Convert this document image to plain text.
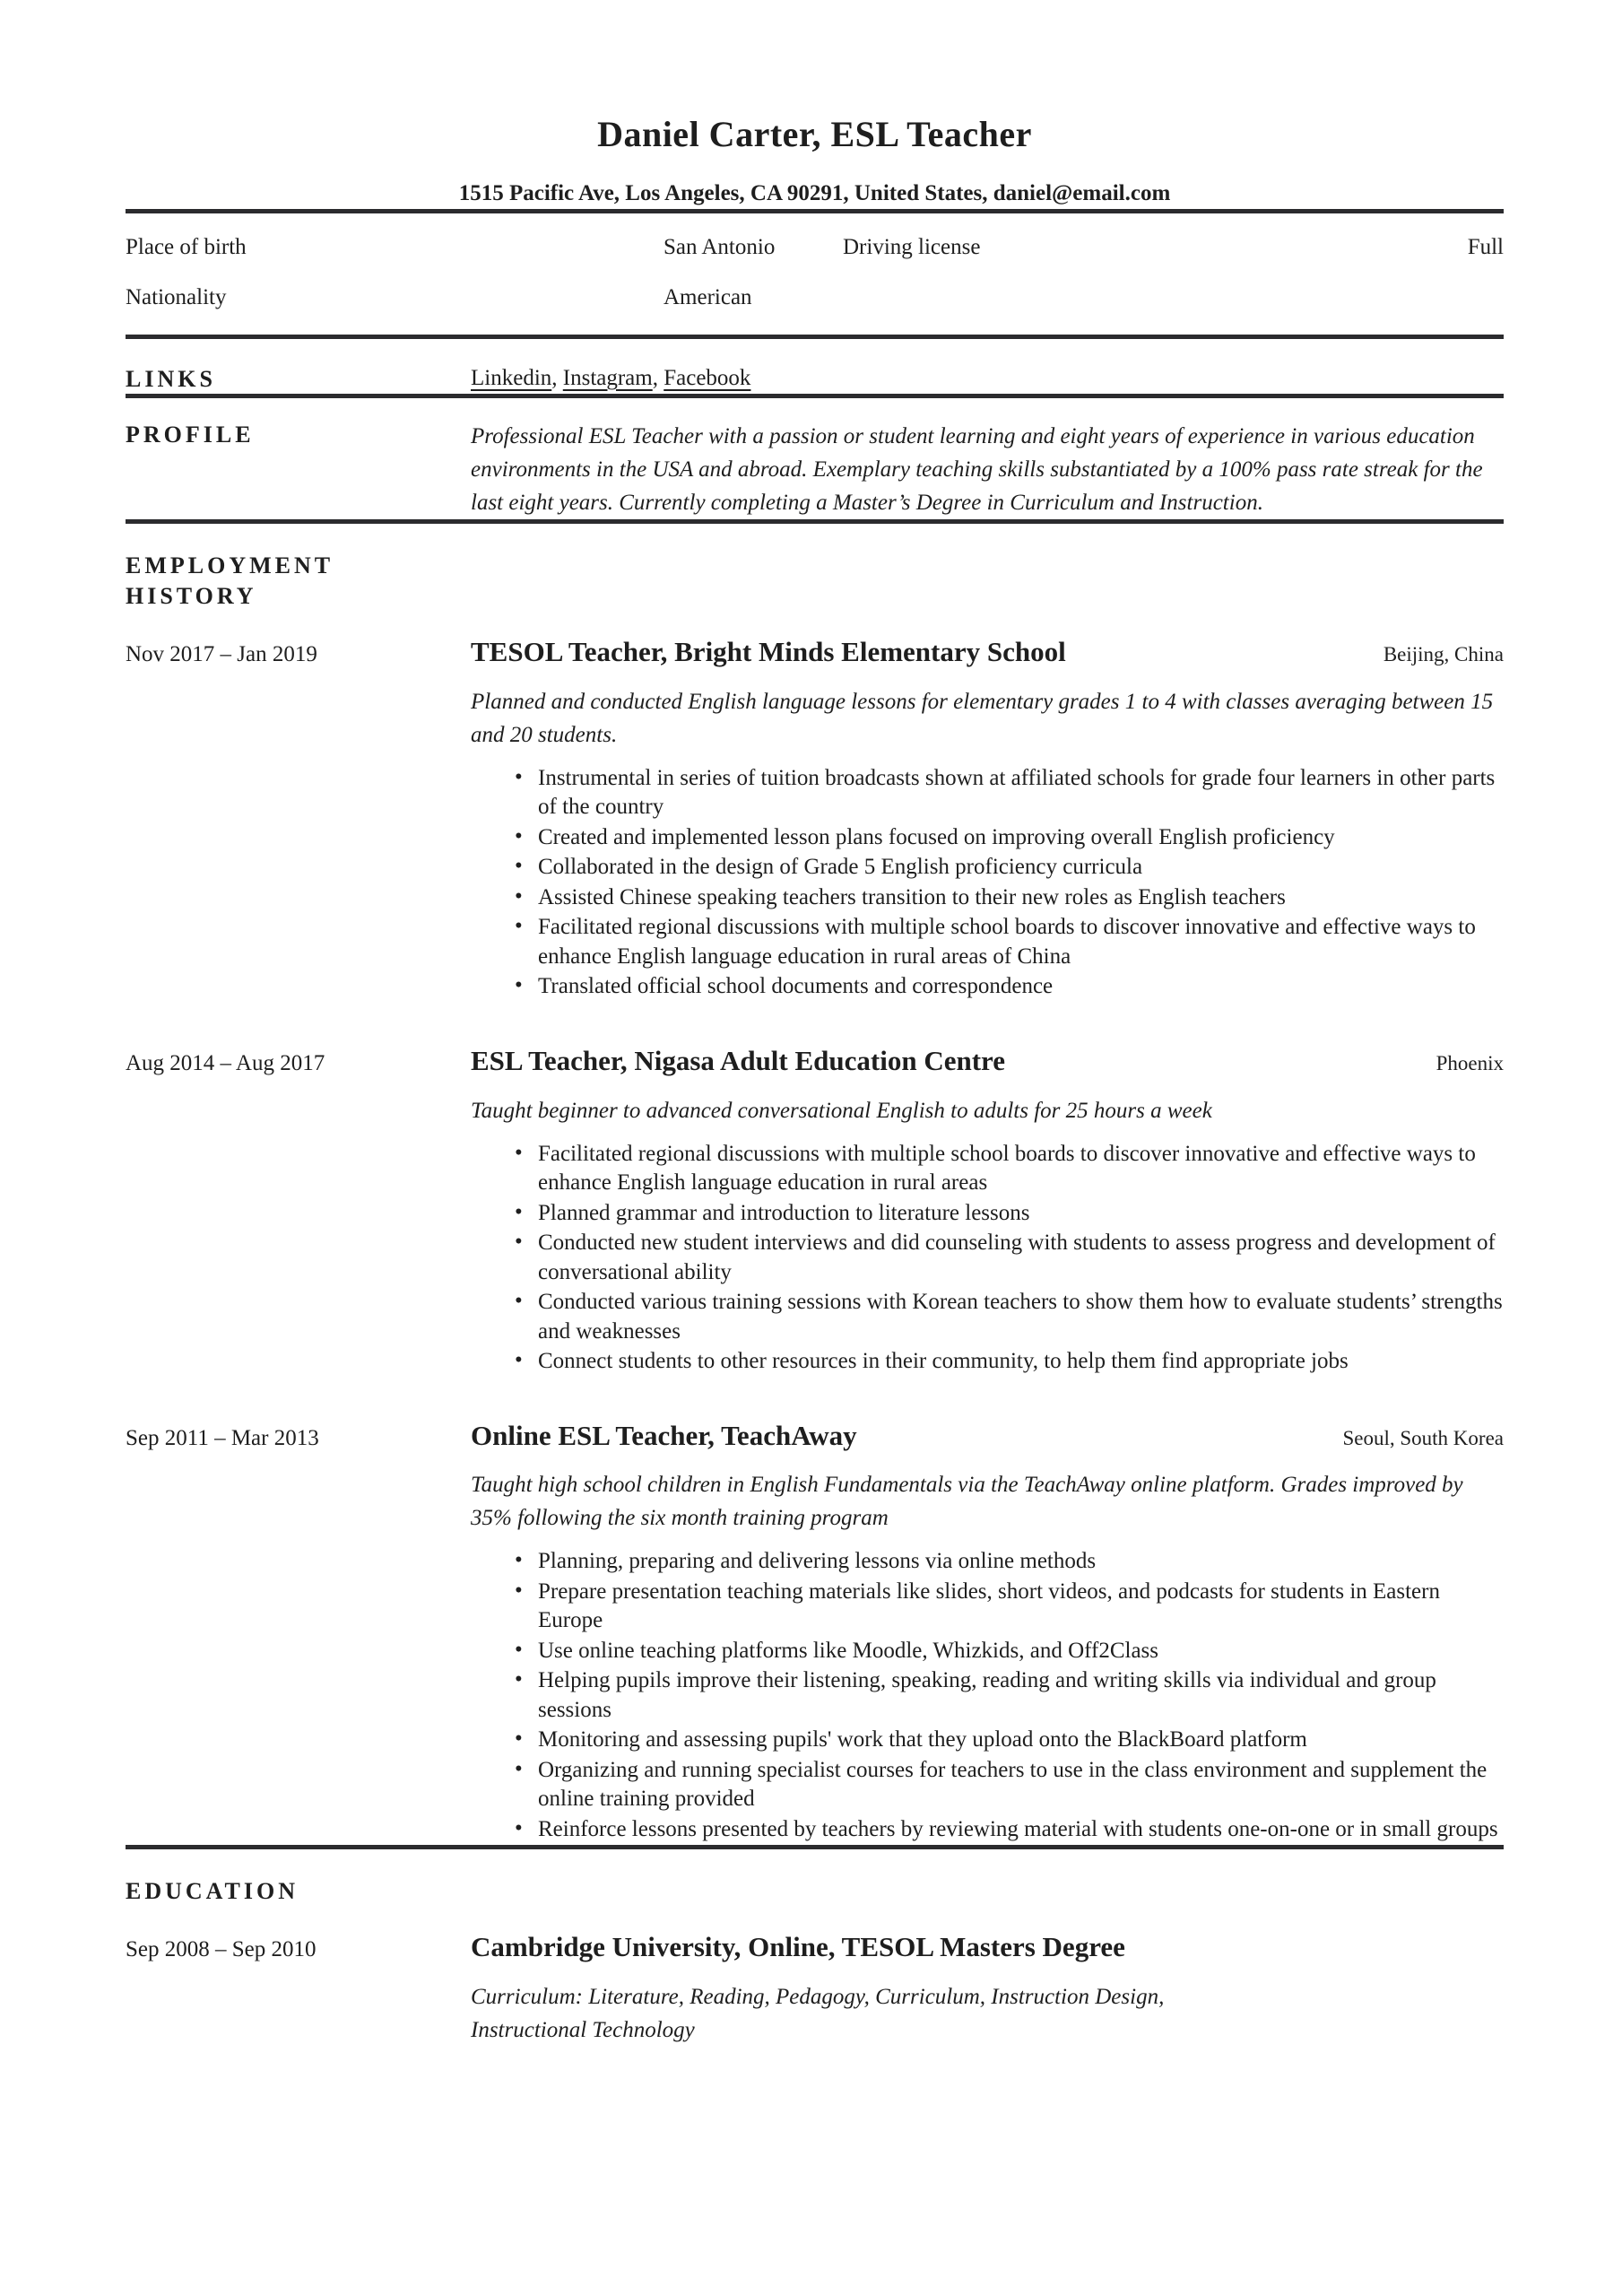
Daniel Carter, ESL Teacher
1515 Pacific Ave, Los Angeles, CA 90291, United States, daniel@email.com
Place of birth	San Antonio	Driving license	Full
Nationality	American
LINKS	Linkedin, Instagram, Facebook
PROFILE	Professional ESL Teacher with a passion or student learning and eight years of experience in various education environments in the USA and abroad. Exemplary teaching skills substantiated by a 100% pass rate streak for the last eight years. Currently completing a Master’s Degree in Curriculum and Instruction.

EMPLOYMENT HISTORY
Nov 2017 – Jan 2019	TESOL Teacher, Bright Minds Elementary School	Beijing, China

Planned and conducted English language lessons for elementary grades 1 to 4 with classes averaging between 15 and 20 students.

• Instrumental in series of tuition broadcasts shown at affiliated schools for grade four learners in other parts of the country
• Created and implemented lesson plans focused on improving overall English proficiency
• Collaborated in the design of Grade 5 English proficiency curricula
• Assisted Chinese speaking teachers transition to their new roles as English teachers
• Facilitated regional discussions with multiple school boards to discover innovative and effective ways to enhance English language education in rural areas of China
• Translated official school documents and correspondence
Aug 2014 – Aug 2017	ESL Teacher, Nigasa Adult Education Centre	Phoenix

Taught beginner to advanced conversational English to adults for 25 hours a week

• Facilitated regional discussions with multiple school boards to discover innovative and effective ways to enhance English language education in rural areas
• Planned grammar and introduction to literature lessons
• Conducted new student interviews and did counseling with students to assess progress and development of conversational ability
• Conducted various training sessions with Korean teachers to show them how to evaluate students’ strengths and weaknesses
• Connect students to other resources in their community, to help them find appropriate jobs
Sep 2011 – Mar 2013	Online ESL Teacher, TeachAway	Seoul, South Korea

Taught high school children in English Fundamentals via the TeachAway online platform. Grades improved by 35% following the six month training program

• Planning, preparing and delivering lessons via online methods
• Prepare presentation teaching materials like slides, short videos, and podcasts for students in Eastern Europe
• Use online teaching platforms like Moodle, Whizkids, and Off2Class
• Helping pupils improve their listening, speaking, reading and writing skills via individual and group sessions
• Monitoring and assessing pupils' work that they upload onto the BlackBoard platform
• Organizing and running specialist courses for teachers to use in the class environment and supplement the online training provided
• Reinforce lessons presented by teachers by reviewing material with students one-on-one or in small groups
EDUCATION
Sep 2008 – Sep 2010	Cambridge University, Online, TESOL Masters Degree

Curriculum: Literature, Reading, Pedagogy, Curriculum, Instruction Design, Instructional Technology
